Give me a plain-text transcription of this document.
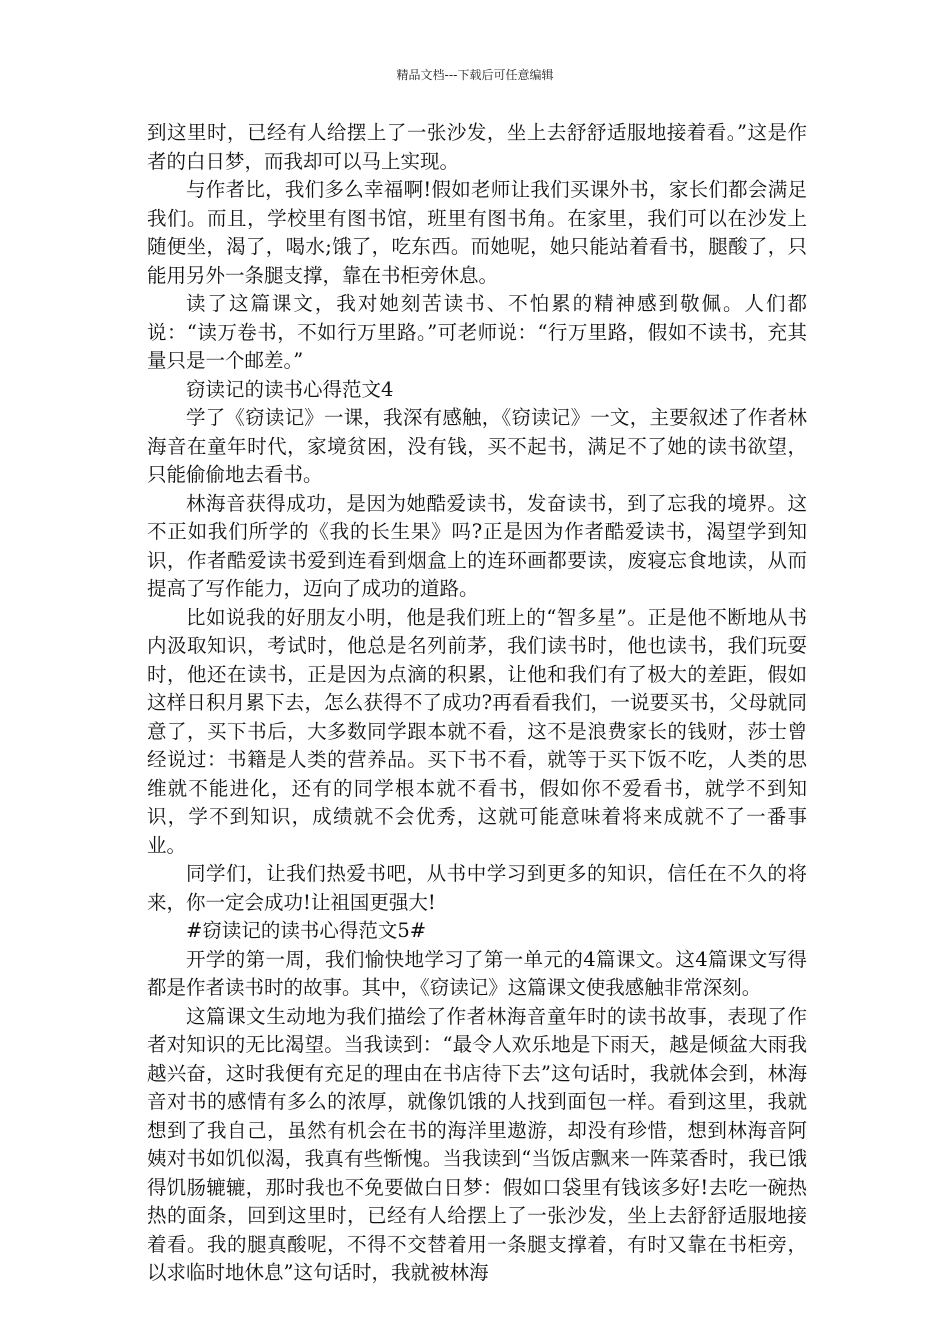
精品文档---下载后可任意编辑

到这里时，已经有人给摆上了一张沙发，坐上去舒舒适服地接着看。”这是作者的白日梦，而我却可以马上实现。

与作者比，我们多么幸福啊!假如老师让我们买课外书，家长们都会满足我们。而且，学校里有图书馆，班里有图书角。在家里，我们可以在沙发上随便坐，渴了，喝水;饿了，吃东西。而她呢，她只能站着看书，腿酸了，只能用另外一条腿支撑，靠在书柜旁休息。

读了这篇课文，我对她刻苦读书、不怕累的精神感到敬佩。人们都说：“读万卷书，不如行万里路。”可老师说：“行万里路，假如不读书，充其量只是一个邮差。”

窃读记的读书心得范文4

学了《窃读记》一课，我深有感触，《窃读记》一文，主要叙述了作者林海音在童年时代，家境贫困，没有钱，买不起书，满足不了她的读书欲望，只能偷偷地去看书。

林海音获得成功，是因为她酷爱读书，发奋读书，到了忘我的境界。这不正如我们所学的《我的长生果》吗?正是因为作者酷爱读书，渴望学到知识，作者酷爱读书爱到连看到烟盒上的连环画都要读，废寝忘食地读，从而提高了写作能力，迈向了成功的道路。

比如说我的好朋友小明，他是我们班上的“智多星”。正是他不断地从书内汲取知识，考试时，他总是名列前茅，我们读书时，他也读书，我们玩耍时，他还在读书，正是因为点滴的积累，让他和我们有了极大的差距，假如这样日积月累下去，怎么获得不了成功?再看看我们，一说要买书，父母就同意了，买下书后，大多数同学跟本就不看，这不是浪费家长的钱财，莎士曾经说过：书籍是人类的营养品。买下书不看，就等于买下饭不吃，人类的思维就不能进化，还有的同学根本就不看书，假如你不爱看书，就学不到知识，学不到知识，成绩就不会优秀，这就可能意味着将来成就不了一番事业。

同学们，让我们热爱书吧，从书中学习到更多的知识，信任在不久的将来，你一定会成功!让祖国更强大!

#窃读记的读书心得范文5#

开学的第一周，我们愉快地学习了第一单元的4篇课文。这4篇课文写得都是作者读书时的故事。其中，《窃读记》这篇课文使我感触非常深刻。

这篇课文生动地为我们描绘了作者林海音童年时的读书故事，表现了作者对知识的无比渴望。当我读到：“最令人欢乐地是下雨天，越是倾盆大雨我越兴奋，这时我便有充足的理由在书店待下去”这句话时，我就体会到，林海音对书的感情有多么的浓厚，就像饥饿的人找到面包一样。看到这里，我就想到了我自己，虽然有机会在书的海洋里遨游，却没有珍惜，想到林海音阿姨对书如饥似渴，我真有些惭愧。当我读到“当饭店飘来一阵菜香时，我已饿得饥肠辘辘，那时我也不免要做白日梦：假如口袋里有钱该多好!去吃一碗热热的面条，回到这里时，已经有人给摆上了一张沙发，坐上去舒舒适服地接着看。我的腿真酸呢，不得不交替着用一条腿支撑着，有时又靠在书柜旁，以求临时地休息”这句话时，我就被林海
